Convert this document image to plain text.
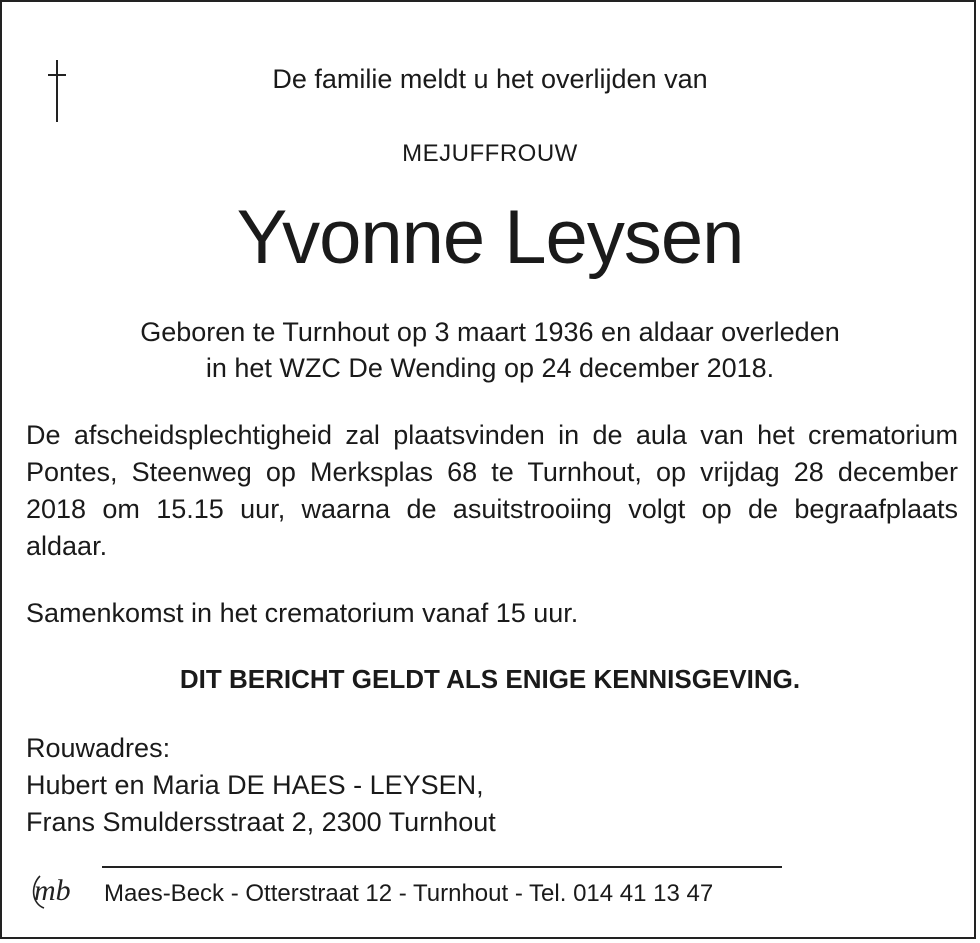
De familie meldt u het overlijden van
MEJUFFROUW
Yvonne Leysen
Geboren te Turnhout op 3 maart 1936 en aldaar overleden
in het WZC De Wending op 24 december 2018.
De afscheidsplechtigheid zal plaatsvinden in de aula van het crematorium Pontes, Steenweg op Merksplas 68 te Turnhout, op vrijdag 28 december 2018 om 15.15 uur, waarna de asuitstrooiing volgt op de begraafplaats aldaar.
Samenkomst in het crematorium vanaf 15 uur.
DIT BERICHT GELDT ALS ENIGE KENNISGEVING.
Rouwadres:
Hubert en Maria DE HAES - LEYSEN,
Frans Smuldersstraat 2, 2300 Turnhout
mb Maes-Beck - Otterstraat 12 - Turnhout - Tel. 014 41 13 47
